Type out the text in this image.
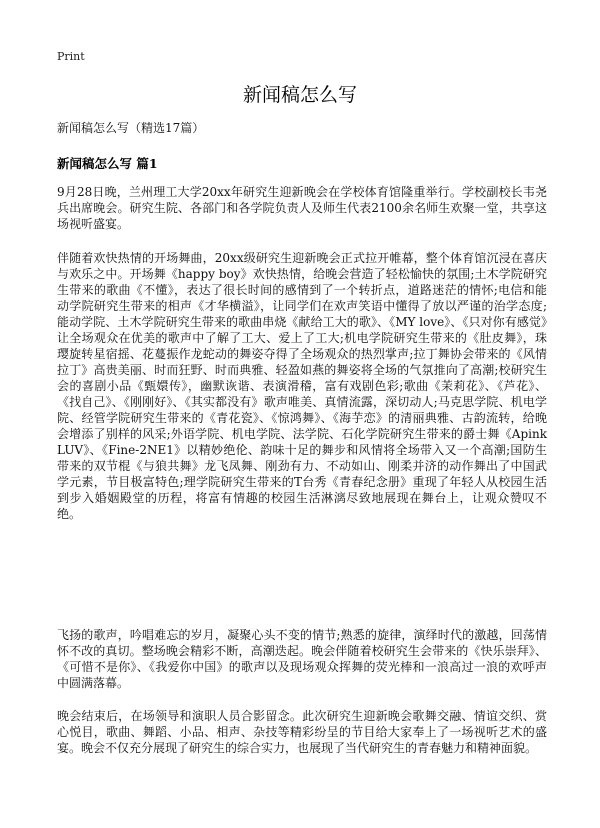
Print
新闻稿怎么写
新闻稿怎么写（精选17篇）
新闻稿怎么写 篇1

9月28日晚，兰州理工大学20xx年研究生迎新晚会在学校体育馆隆重举行。学校副校长韦尧兵出席晚会。研究生院、各部门和各学院负责人及师生代表2100余名师生欢聚一堂，共享这场视听盛宴。

伴随着欢快热情的开场舞曲，20xx级研究生迎新晚会正式拉开帷幕，整个体育馆沉浸在喜庆与欢乐之中。开场舞《happy boy》欢快热情，给晚会营造了轻松愉快的氛围;土木学院研究生带来的歌曲《不懂》，表达了很长时间的感情到了一个转折点，道路迷茫的情怀;电信和能动学院研究生带来的相声《才华横溢》，让同学们在欢声笑语中懂得了放以严谨的治学态度;能动学院、土木学院研究生带来的歌曲串烧《献给工大的歌》、《MY love》、《只对你有感觉》让全场观众在优美的歌声中了解了工大、爱上了工大;机电学院研究生带来的《肚皮舞》，珠璎旋转星宿摇、花蔓振作龙蛇动的舞姿夺得了全场观众的热烈掌声;拉丁舞协会带来的《风情拉丁》高贵美丽、时而狂野、时而典雅、轻盈如燕的舞姿将全场的气氛推向了高潮;校研究生会的喜剧小品《甄嬛传》，幽默诙谐、表演滑稽，富有戏剧色彩;歌曲《茉莉花》、《芦花》、《找自己》、《刚刚好》、《其实都没有》歌声唯美、真情流露，深切动人;马克思学院、机电学院、经管学院研究生带来的《青花瓷》、《惊鸿舞》、《海芋恋》的清丽典雅、古韵流转，给晚会增添了别样的风采;外语学院、机电学院、法学院、石化学院研究生带来的爵士舞《Apink LUV》、《Fine-2NE1》以精妙绝伦、韵味十足的舞步和风情将全场带入又一个高潮;国防生带来的双节棍《与狼共舞》龙飞凤舞、刚劲有力、不动如山、刚柔并济的动作舞出了中国武学元素，节目极富特色;理学院研究生带来的T台秀《青春纪念册》重现了年轻人从校园生活到步入婚姻殿堂的历程，将富有情趣的校园生活淋漓尽致地展现在舞台上，让观众赞叹不绝。

飞扬的歌声，吟唱难忘的岁月，凝聚心头不变的情节;熟悉的旋律，演绎时代的激越，回荡情怀不改的真切。整场晚会精彩不断，高潮迭起。晚会伴随着校研究生会带来的《快乐崇拜》、《可惜不是你》、《我爱你中国》的歌声以及现场观众挥舞的荧光棒和一浪高过一浪的欢呼声中圆满落幕。

晚会结束后，在场领导和演职人员合影留念。此次研究生迎新晚会歌舞交融、情谊交织、赏心悦目，歌曲、舞蹈、小品、相声、杂技等精彩纷呈的节目给大家奉上了一场视听艺术的盛宴。晚会不仅充分展现了研究生的综合实力，也展现了当代研究生的青春魅力和精神面貌。
